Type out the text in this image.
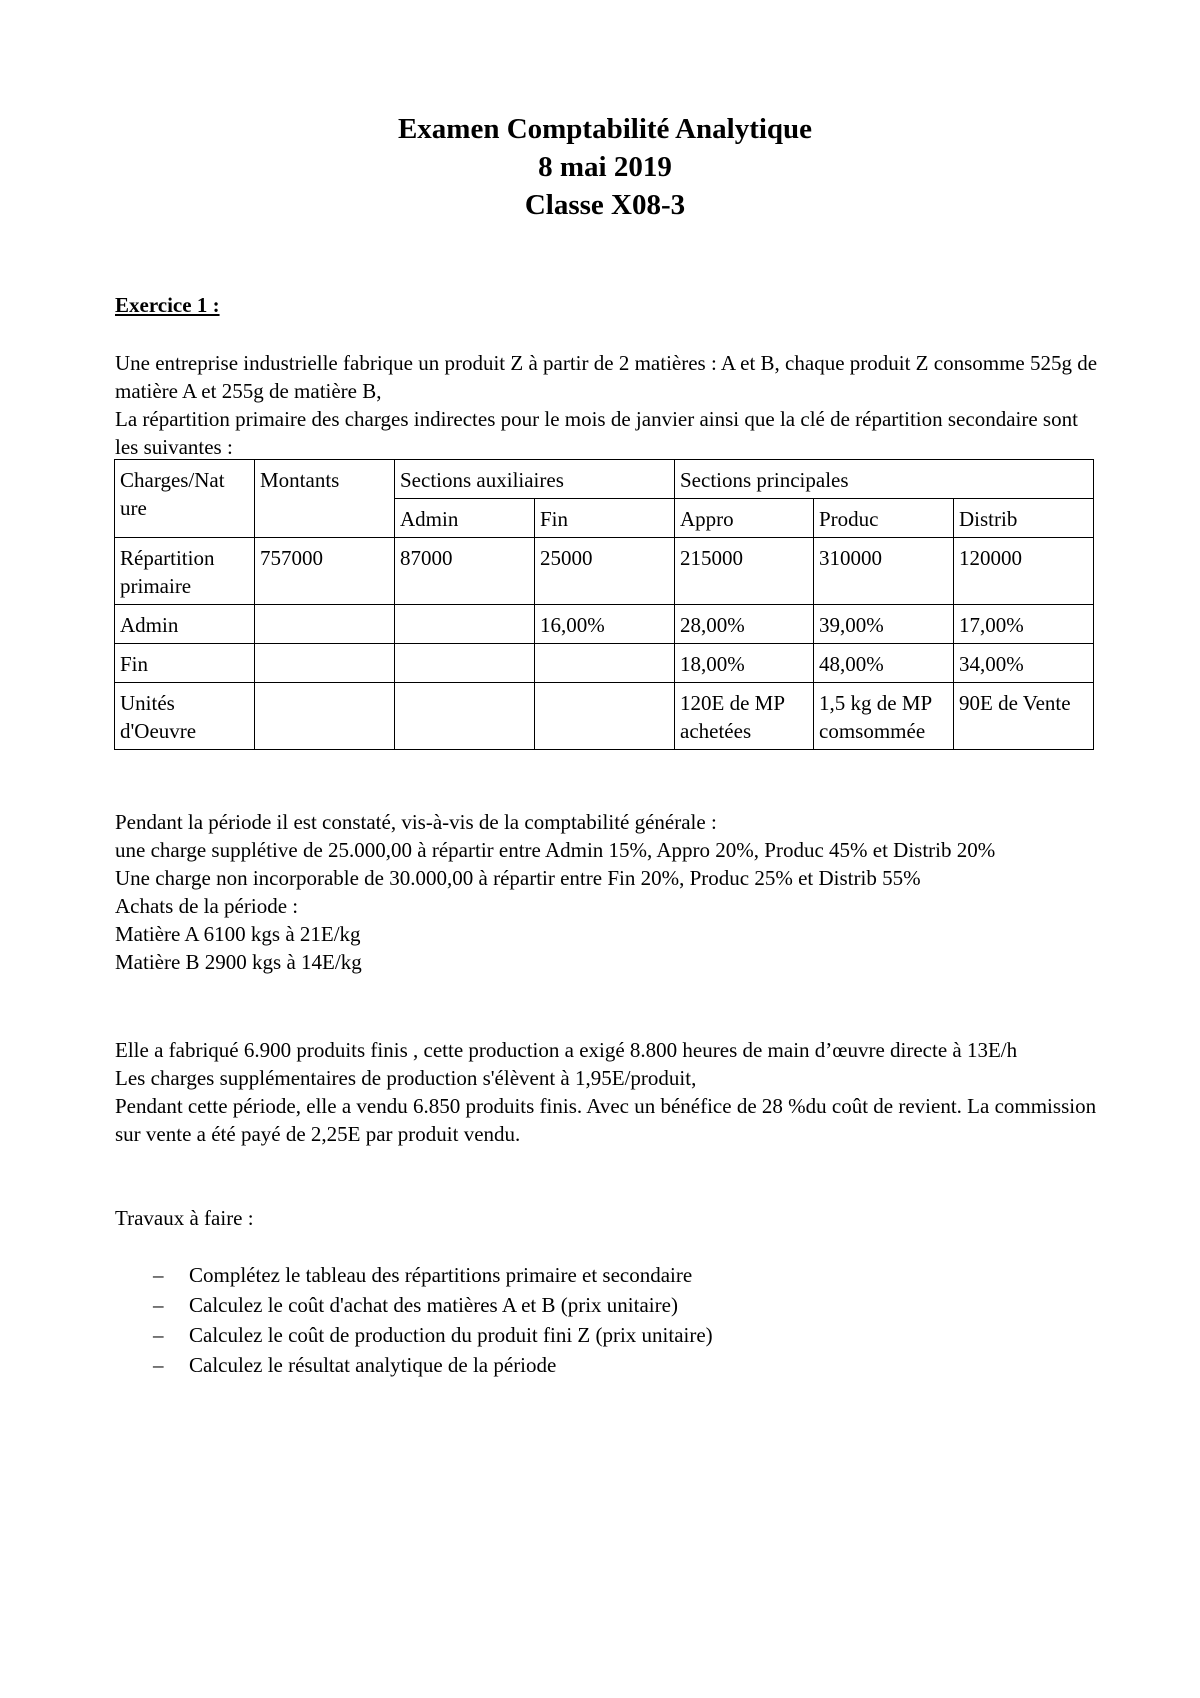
Examen Comptabilité Analytique
8 mai 2019
Classe X08-3
Exercice 1 :
Une entreprise industrielle fabrique un produit Z à partir de 2 matières : A et B, chaque produit Z consomme 525g de matière A et 255g de matière B,
La répartition primaire des charges indirectes pour le mois de janvier ainsi que la clé de répartition secondaire sont les suivantes :
Charges/Nat ure	Montants	Sections auxiliaires		Sections principales		
		Admin	Fin	Appro	Produc	Distrib
Répartition primaire	757000	87000	25000	215000	310000	120000
Admin			16,00%	28,00%	39,00%	17,00%
Fin				18,00%	48,00%	34,00%
Unités d'Oeuvre				120E de MP achetées	1,5 kg de MP comsommée	90E de Vente
Pendant la période il est constaté, vis-à-vis de la comptabilité générale :
une charge supplétive de 25.000,00 à répartir entre Admin 15%, Appro 20%, Produc 45% et Distrib 20%
Une charge non incorporable de 30.000,00 à répartir entre Fin 20%, Produc 25% et Distrib 55%
Achats de la période :
Matière A 6100 kgs à 21E/kg
Matière B 2900 kgs à 14E/kg
Elle a fabriqué 6.900 produits finis , cette production a exigé 8.800 heures de main d’œuvre directe à 13E/h
Les charges supplémentaires de production s'élèvent à 1,95E/produit,
Pendant cette période, elle a vendu 6.850 produits finis. Avec un bénéfice de 28 %du coût de revient. La commission sur vente a été payé de 2,25E par produit vendu.
Travaux à faire :
– Complétez le tableau des répartitions primaire et secondaire
– Calculez le coût d'achat des matières A et B (prix unitaire)
– Calculez le coût de production du produit fini Z (prix unitaire)
– Calculez le résultat analytique de la période
